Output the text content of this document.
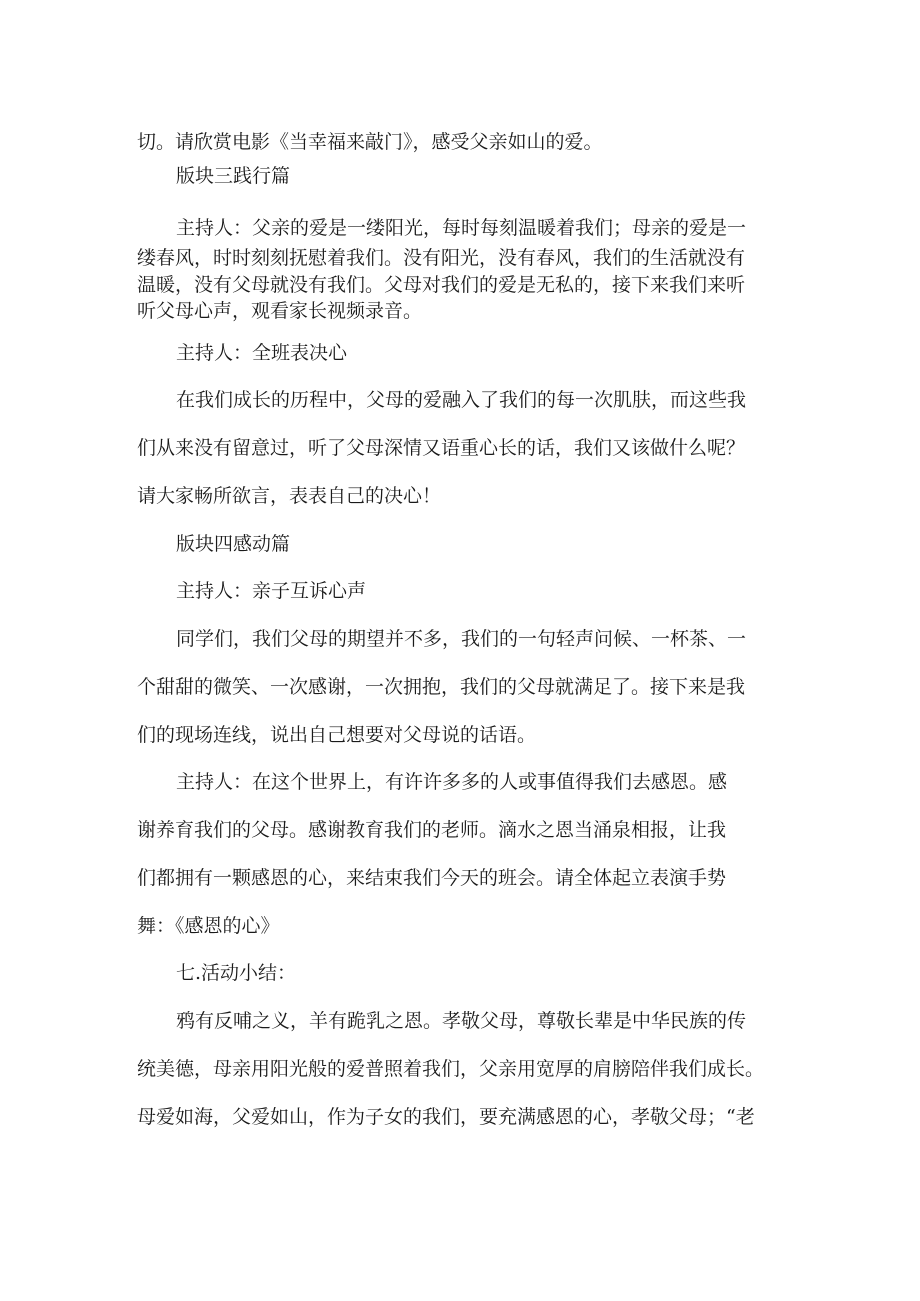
切。请欣赏电影《当幸福来敲门》，感受父亲如山的爱。
版块三践行篇
主持人：父亲的爱是一缕阳光，每时每刻温暖着我们；母亲的爱是一
缕春风，时时刻刻抚慰着我们。没有阳光，没有春风，我们的生活就没有
温暖，没有父母就没有我们。父母对我们的爱是无私的，接下来我们来听
听父母心声，观看家长视频录音。
主持人：全班表决心
在我们成长的历程中，父母的爱融入了我们的每一次肌肤，而这些我
们从来没有留意过，听了父母深情又语重心长的话，我们又该做什么呢？
请大家畅所欲言，表表自己的决心！
版块四感动篇
主持人：亲子互诉心声
同学们，我们父母的期望并不多，我们的一句轻声问候、一杯茶、一
个甜甜的微笑、一次感谢，一次拥抱，我们的父母就满足了。接下来是我
们的现场连线，说出自己想要对父母说的话语。
主持人：在这个世界上，有许许多多的人或事值得我们去感恩。感
谢养育我们的父母。感谢教育我们的老师。滴水之恩当涌泉相报，让我
们都拥有一颗感恩的心，来结束我们今天的班会。请全体起立表演手势
舞：《感恩的心》
七.活动小结：
鸦有反哺之义，羊有跪乳之恩。孝敬父母，尊敬长辈是中华民族的传
统美德，母亲用阳光般的爱普照着我们，父亲用宽厚的肩膀陪伴我们成长。
母爱如海，父爱如山，作为子女的我们，要充满感恩的心，孝敬父母；“老
